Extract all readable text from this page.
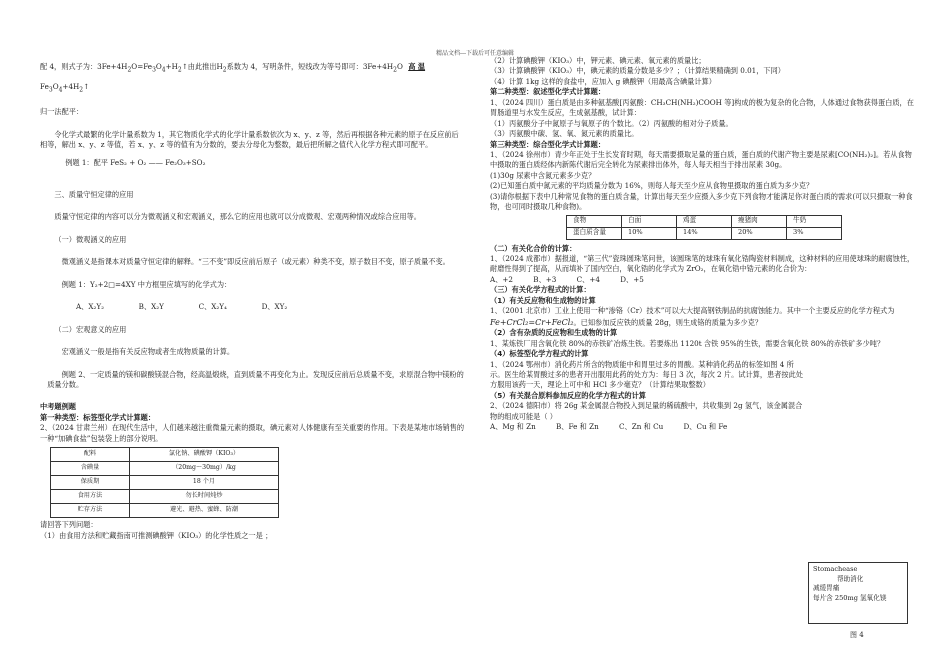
精品文档---下载后可任意编辑

配 4，则式子为：$3Fe+4H_2O=Fe_3O_4+H_2↑$由此推出$H_2$系数为 4，写明条件，短线改为等号即可：$3Fe+4H_2O$ 高 温

$Fe_3O_4+4H_2↑$

归一法配平：

令化学式最繁的化学计量系数为 1，其它物质化学式的化学计量系数依次为 x、y、z 等，然后再根据各种元素的原子在反应前后相等，解出 x、y、z 等值，若 x、y、z 等的值有为分数的，要去分母化为整数，最后把所解之值代入化学方程式即可配平。

例题 1：配平 FeS₂ + O₂ —— Fe₂O₃+SO₂

三、质量守恒定律的应用

质量守恒定律的内容可以分为微观涵义和宏观涵义，那么它的应用也就可以分成微观、宏观两种情况或综合应用等。

（一）微观涵义的应用

微观涵义是指课本对质量守恒定律的解释。“三不变”即反应前后原子（或元素）种类不变，原子数目不变，原子质量不变。

例题 1：Y₂+2□=4XY 中方框里应填写的化学式为：

A、X₂Y₂	B、X₂Y	C、X₂Y₄	D、XY₂

（二）宏观意义的应用

宏观涵义一般是指有关反应物或者生成物质量的计算。

例题 2、一定质量的镁和碳酸镁混合物，经高温煅烧，直到质量不再变化为止。发现反应前后总质量不变，求原混合物中镁粉的质量分数。

中考题例题

第一种类型：标签型化学式计算题：

2、（2024 甘肃兰州）在现代生活中，人们越来越注重微量元素的摄取，碘元素对人体健康有至关重要的作用。下表是某地市场销售的一种“加碘食盐”包装袋上的部分说明。

配料	氯化钠、碘酸钾（KIO₃）
含碘量	（20mg～30mg）/kg
保质期	18 个月
食用方法	勿长时间炖炒
贮存方法	避光、避热、蜜蜂、防潮

请回答下列问题：

（1）由食用方法和贮藏指南可推测碘酸钾（KIO₃）的化学性质之一是 ；

（2）计算碘酸钾（KIO₃）中，钾元素、碘元素、氧元素的质量比；

（3）计算碘酸钾（KIO₃）中，碘元素的质量分数是多少？；（计算结果精确到 0.01，下同）

（4）计算 1kg 这样的食盐中，应加入 g 碘酸钾（用最高含碘量计算）

第二种类型：叙述型化学式计算题：

1、（2024 四川）蛋白质是由多种氨基酸[丙氨酸：CH₃CH(NH₂)COOH 等]构成的极为复杂的化合物，人体通过食物获得蛋白质，在胃肠道里与水发生反应，生成氨基酸，试计算：

（1）丙氨酸分子中氮原子与氧原子的个数比。（2）丙氨酸的相对分子质量。

（3）丙氨酸中碳、氢、氧、氮元素的质量比。

第三种类型：综合型化学式计算题：

1、（2024 徐州市）青少年正处于生长发育时期，每天需要摄取足量的蛋白质，蛋白质的代谢产物主要是尿素[CO(NH₂)₂]。若从食物中摄取的蛋白质经体内新陈代谢后完全转化为尿素排出体外，每人每天相当于排出尿素 30g。

(1)30g 尿素中含氮元素多少克？

(2)已知蛋白质中氮元素的平均质量分数为 16%，则每人每天至少应从食物里摄取的蛋白质为多少克？

(3)请你根据下表中几种常见食物的蛋白质含量，计算出每天至少应摄入多少克下列食物才能满足你对蛋白质的需求(可以只摄取一种食物，也可同时摄取几种食物)。

食物	白面	鸡蛋	瘦猪肉	牛奶
蛋白质含量	10%	14%	20%	3%

（二）有关化合价的计算：

1、（2024 成都市）据报道，“第三代”瓷珠圆珠笔问世，该圆珠笔的球珠有氧化锆陶瓷材料制成，这种材料的应用使球珠的耐腐蚀性，耐磨性得到了提高，从而填补了国内空白，氧化锆的化学式为 ZrO₂，在氧化锆中锆元素的化合价为：

A、+2	B、+3	C、+4	D、+5

（三）有关化学方程式的计算：

（1）有关反应物和生成物的计算

1、（2001 北京市）工业上使用一种“渗铬（Cr）技术”可以大大提高钢铁制品的抗腐蚀能力。其中一个主要反应的化学方程式为Fe+CrCl₂=Cr+FeCl₂。已知参加反应铁的质量 28g，则生成铬的质量为多少克？

（2）含有杂质的反应物和生成物的计算

1、某炼铁厂用含氧化铁 80%的赤铁矿冶炼生铁。若要炼出 1120t 含铁 95%的生铁，需要含氧化铁 80%的赤铁矿多少吨？

（4）标签型化学方程式的计算

1、（2024 鄂州市）消化药片所含的物质能中和胃里过多的胃酸。某种消化药品的标签如图 4 所示。医生给某胃酸过多的患者开出服用此药的处方为：每日 3 次，每次 2 片。试计算，患者按此处方服用该药一天，理论上可中和 HCl 多少毫克？（计算结果取整数）

（5）有关混合原料参加反应的化学方程式的计算

2、（2024 德阳市）将 26g 某金属混合物投入到足量的稀硫酸中，共收集到 2g 氢气，该金属混合物的组成可能是（ ）

A、Mg 和 Zn	B、Fe 和 Zn	C、Zn 和 Cu	D、Cu 和 Fe

Stomachease
帮助消化
减缓胃痛
每片含 250mg 氢氧化镁
图 4
